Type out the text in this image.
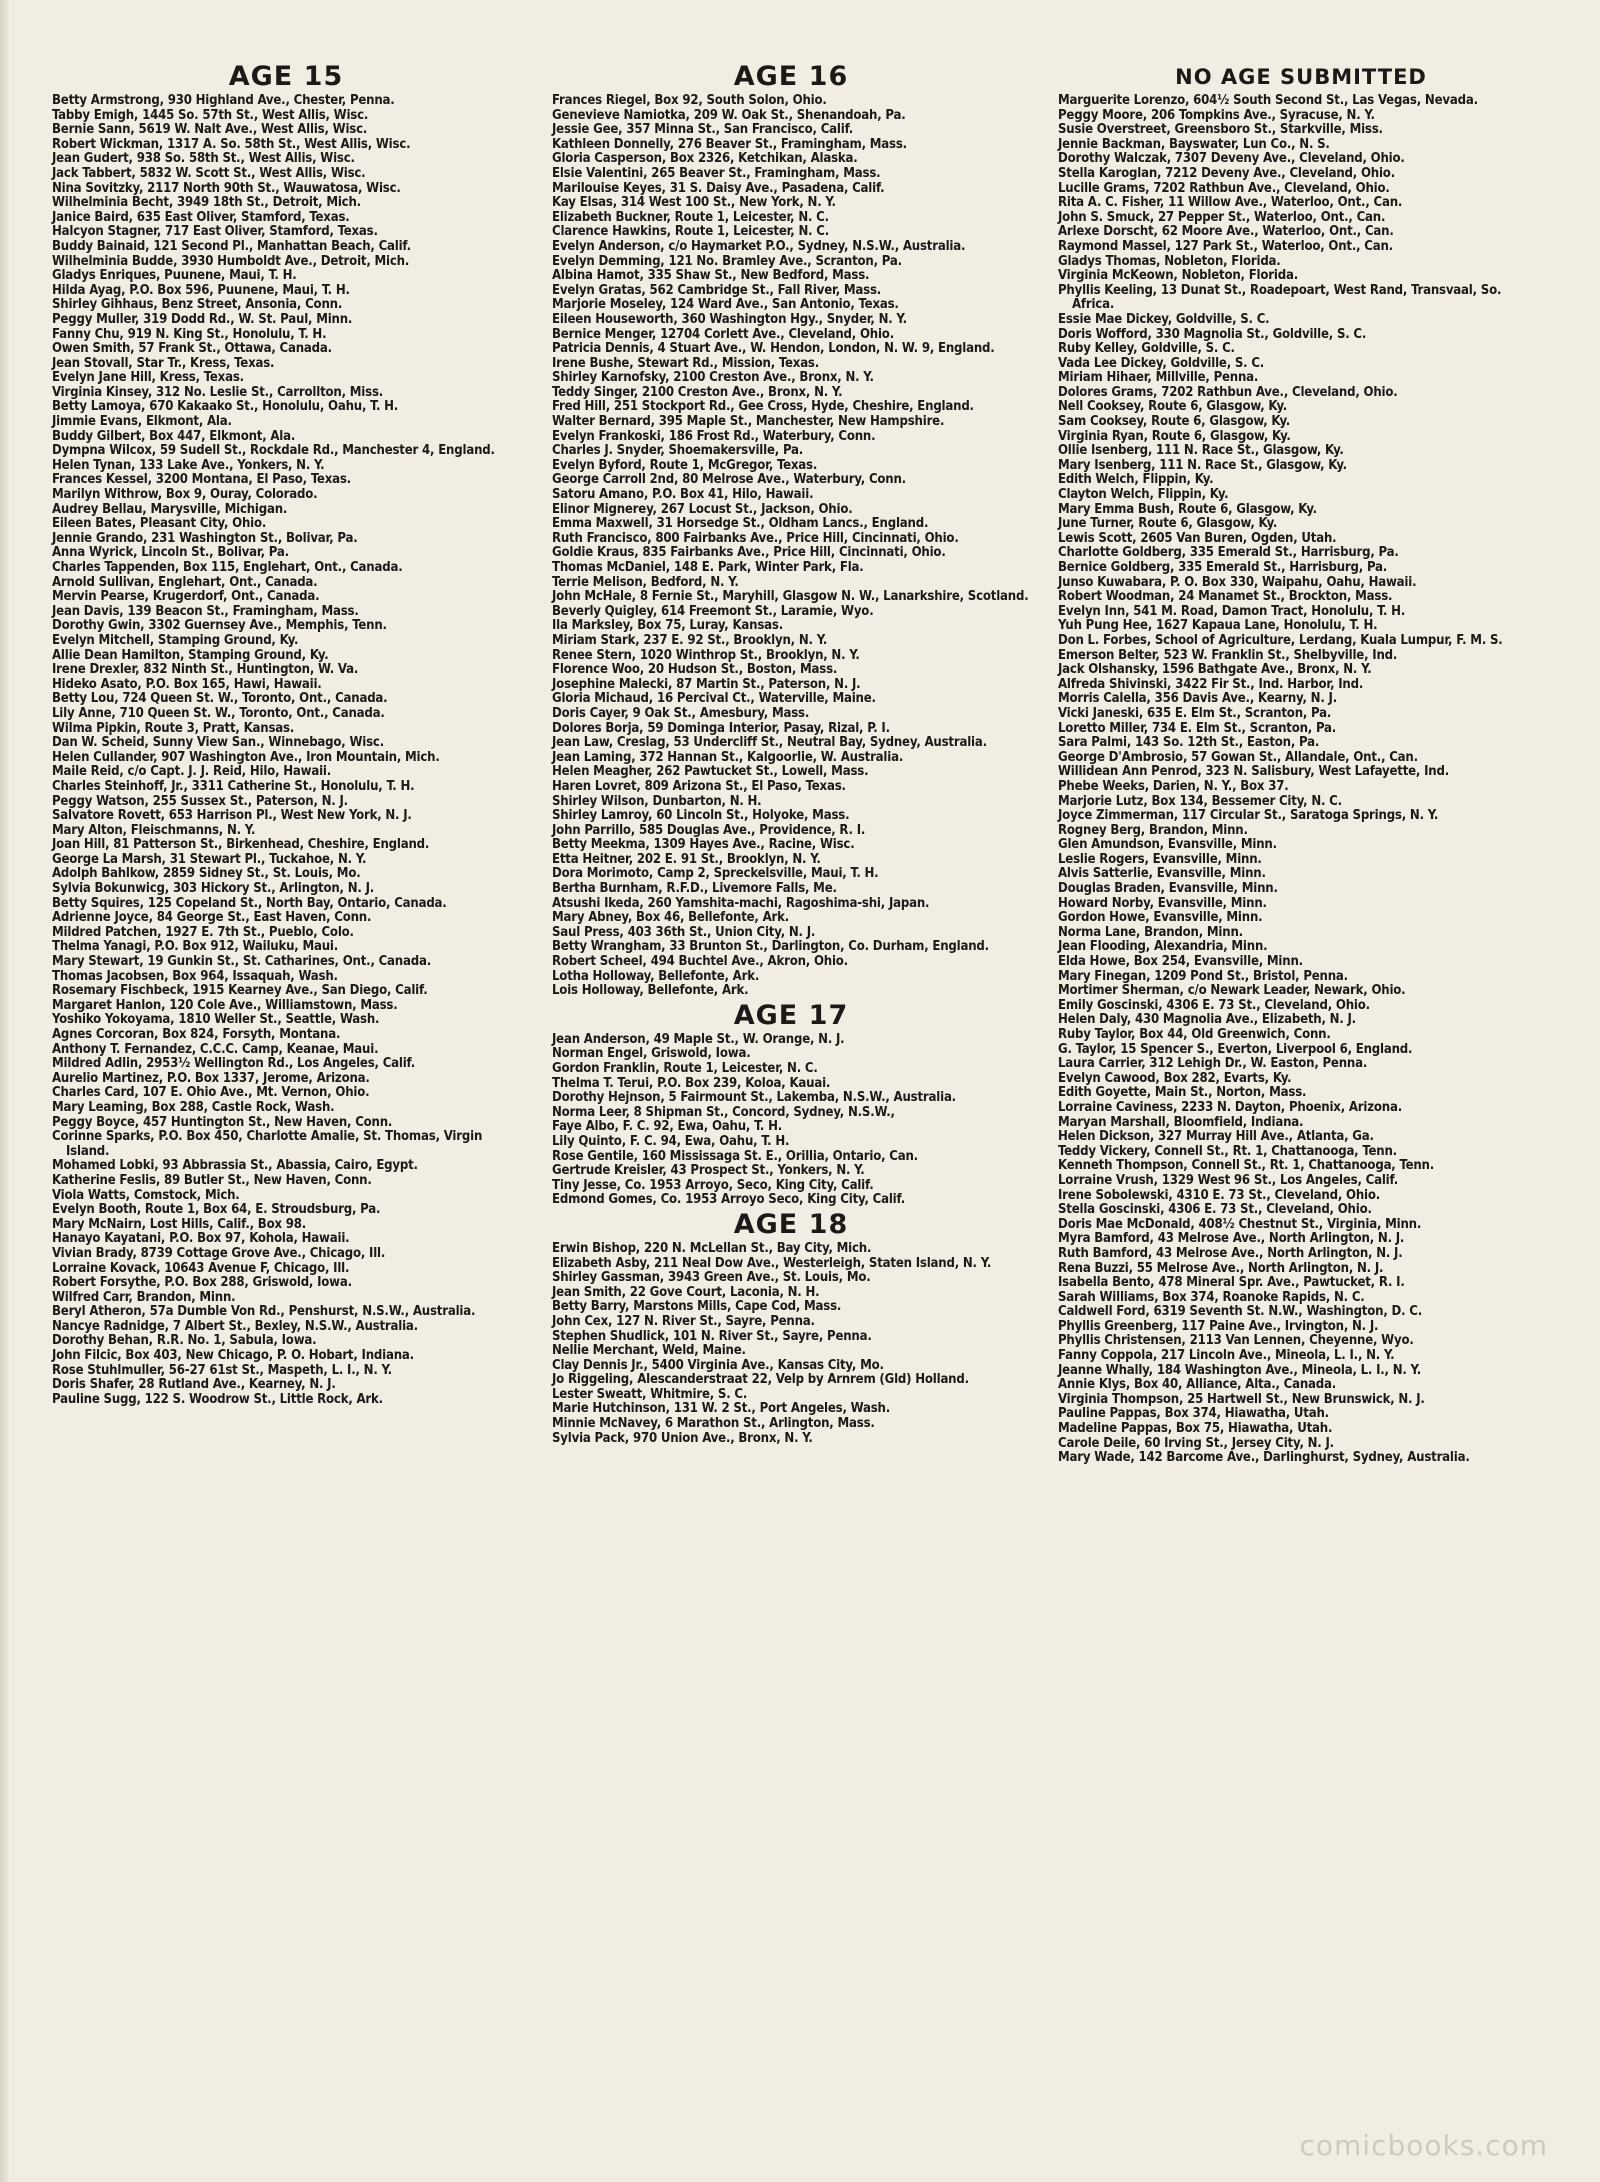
AGE 15
Betty Armstrong, 930 Highland Ave., Chester, Penna.
Tabby Emigh, 1445 So. 57th St., West Allis, Wisc.
Bernie Sann, 5619 W. Nalt Ave., West Allis, Wisc.
Robert Wickman, 1317 A. So. 58th St., West Allis, Wisc.
Jean Gudert, 938 So. 58th St., West Allis, Wisc.
Jack Tabbert, 5832 W. Scott St., West Allis, Wisc.
Nina Sovitzky, 2117 North 90th St., Wauwatosa, Wisc.
Wilhelminia Becht, 3949 18th St., Detroit, Mich.
Janice Baird, 635 East Oliver, Stamford, Texas.
Halcyon Stagner, 717 East Oliver, Stamford, Texas.
Buddy Bainaid, 121 Second Pl., Manhattan Beach, Calif.
Wilhelminia Budde, 3930 Humboldt Ave., Detroit, Mich.
Gladys Enriques, Puunene, Maui, T. H.
Hilda Ayag, P.O. Box 596, Puunene, Maui, T. H.
Shirley Gihhaus, Benz Street, Ansonia, Conn.
Peggy Muller, 319 Dodd Rd., W. St. Paul, Minn.
Fanny Chu, 919 N. King St., Honolulu, T. H.
Owen Smith, 57 Frank St., Ottawa, Canada.
Jean Stovall, Star Tr., Kress, Texas.
Evelyn Jane Hill, Kress, Texas.
Virginia Kinsey, 312 No. Leslie St., Carrollton, Miss.
Betty Lamoya, 670 Kakaako St., Honolulu, Oahu, T. H.
Jimmie Evans, Elkmont, Ala.
Buddy Gilbert, Box 447, Elkmont, Ala.
Dympna Wilcox, 59 Sudell St., Rockdale Rd., Manchester 4, England.
Helen Tynan, 133 Lake Ave., Yonkers, N. Y.
Frances Kessel, 3200 Montana, El Paso, Texas.
Marilyn Withrow, Box 9, Ouray, Colorado.
Audrey Bellau, Marysville, Michigan.
Eileen Bates, Pleasant City, Ohio.
Jennie Grando, 231 Washington St., Bolivar, Pa.
Anna Wyrick, Lincoln St., Bolivar, Pa.
Charles Tappenden, Box 115, Englehart, Ont., Canada.
Arnold Sullivan, Englehart, Ont., Canada.
Mervin Pearse, Krugerdorf, Ont., Canada.
Jean Davis, 139 Beacon St., Framingham, Mass.
Dorothy Gwin, 3302 Guernsey Ave., Memphis, Tenn.
Evelyn Mitchell, Stamping Ground, Ky.
Allie Dean Hamilton, Stamping Ground, Ky.
Irene Drexler, 832 Ninth St., Huntington, W. Va.
Hideko Asato, P.O. Box 165, Hawi, Hawaii.
Betty Lou, 724 Queen St. W., Toronto, Ont., Canada.
Lily Anne, 710 Queen St. W., Toronto, Ont., Canada.
Wilma Pipkin, Route 3, Pratt, Kansas.
Dan W. Scheid, Sunny View San., Winnebago, Wisc.
Helen Cullander, 907 Washington Ave., Iron Mountain, Mich.
Maile Reid, c/o Capt. J. J. Reid, Hilo, Hawaii.
Charles Steinhoff, Jr., 3311 Catherine St., Honolulu, T. H.
Peggy Watson, 255 Sussex St., Paterson, N. J.
Salvatore Rovett, 653 Harrison Pl., West New York, N. J.
Mary Alton, Fleischmanns, N. Y.
Joan Hill, 81 Patterson St., Birkenhead, Cheshire, England.
George La Marsh, 31 Stewart Pl., Tuckahoe, N. Y.
Adolph Bahlkow, 2859 Sidney St., St. Louis, Mo.
Sylvia Bokunwicg, 303 Hickory St., Arlington, N. J.
Betty Squires, 125 Copeland St., North Bay, Ontario, Canada.
Adrienne Joyce, 84 George St., East Haven, Conn.
Mildred Patchen, 1927 E. 7th St., Pueblo, Colo.
Thelma Yanagi, P.O. Box 912, Wailuku, Maui.
Mary Stewart, 19 Gunkin St., St. Catharines, Ont., Canada.
Thomas Jacobsen, Box 964, Issaquah, Wash.
Rosemary Fischbeck, 1915 Kearney Ave., San Diego, Calif.
Margaret Hanlon, 120 Cole Ave., Williamstown, Mass.
Yoshiko Yokoyama, 1810 Weller St., Seattle, Wash.
Agnes Corcoran, Box 824, Forsyth, Montana.
Anthony T. Fernandez, C.C.C. Camp, Keanae, Maui.
Mildred Adlin, 2953½ Wellington Rd., Los Angeles, Calif.
Aurelio Martinez, P.O. Box 1337, Jerome, Arizona.
Charles Card, 107 E. Ohio Ave., Mt. Vernon, Ohio.
Mary Leaming, Box 288, Castle Rock, Wash.
Peggy Boyce, 457 Huntington St., New Haven, Conn.
Corinne Sparks, P.O. Box 450, Charlotte Amalie, St. Thomas, Virgin Island.
Mohamed Lobki, 93 Abbrassia St., Abassia, Cairo, Egypt.
Katherine Feslis, 89 Butler St., New Haven, Conn.
Viola Watts, Comstock, Mich.
Evelyn Booth, Route 1, Box 64, E. Stroudsburg, Pa.
Mary McNairn, Lost Hills, Calif., Box 98.
Hanayo Kayatani, P.O. Box 97, Kohola, Hawaii.
Vivian Brady, 8739 Cottage Grove Ave., Chicago, Ill.
Lorraine Kovack, 10643 Avenue F, Chicago, Ill.
Robert Forsythe, P.O. Box 288, Griswold, Iowa.
Wilfred Carr, Brandon, Minn.
Beryl Atheron, 57a Dumble Von Rd., Penshurst, N.S.W., Australia.
Nancye Radnidge, 7 Albert St., Bexley, N.S.W., Australia.
Dorothy Behan, R.R. No. 1, Sabula, Iowa.
John Filcic, Box 403, New Chicago, P. O. Hobart, Indiana.
Rose Stuhlmuller, 56-27 61st St., Maspeth, L. I., N. Y.
Doris Shafer, 28 Rutland Ave., Kearney, N. J.
Pauline Sugg, 122 S. Woodrow St., Little Rock, Ark.
AGE 16
Frances Riegel, Box 92, South Solon, Ohio.
Genevieve Namiotka, 209 W. Oak St., Shenandoah, Pa.
Jessie Gee, 357 Minna St., San Francisco, Calif.
Kathleen Donnelly, 276 Beaver St., Framingham, Mass.
Gloria Casperson, Box 2326, Ketchikan, Alaska.
Elsie Valentini, 265 Beaver St., Framingham, Mass.
Marilouise Keyes, 31 S. Daisy Ave., Pasadena, Calif.
Kay Elsas, 314 West 100 St., New York, N. Y.
Elizabeth Buckner, Route 1, Leicester, N. C.
Clarence Hawkins, Route 1, Leicester, N. C.
Evelyn Anderson, c/o Haymarket P.O., Sydney, N.S.W., Australia.
Evelyn Demming, 121 No. Bramley Ave., Scranton, Pa.
Albina Hamot, 335 Shaw St., New Bedford, Mass.
Evelyn Gratas, 562 Cambridge St., Fall River, Mass.
Marjorie Moseley, 124 Ward Ave., San Antonio, Texas.
Eileen Houseworth, 360 Washington Hgy., Snyder, N. Y.
Bernice Menger, 12704 Corlett Ave., Cleveland, Ohio.
Patricia Dennis, 4 Stuart Ave., W. Hendon, London, N. W. 9, England.
Irene Bushe, Stewart Rd., Mission, Texas.
Shirley Karnofsky, 2100 Creston Ave., Bronx, N. Y.
Teddy Singer, 2100 Creston Ave., Bronx, N. Y.
Fred Hill, 251 Stockport Rd., Gee Cross, Hyde, Cheshire, England.
Walter Bernard, 395 Maple St., Manchester, New Hampshire.
Evelyn Frankoski, 186 Frost Rd., Waterbury, Conn.
Charles J. Snyder, Shoemakersville, Pa.
Evelyn Byford, Route 1, McGregor, Texas.
George Carroll 2nd, 80 Melrose Ave., Waterbury, Conn.
Satoru Amano, P.O. Box 41, Hilo, Hawaii.
Elinor Mignerey, 267 Locust St., Jackson, Ohio.
Emma Maxwell, 31 Horsedge St., Oldham Lancs., England.
Ruth Francisco, 800 Fairbanks Ave., Price Hill, Cincinnati, Ohio.
Goldie Kraus, 835 Fairbanks Ave., Price Hill, Cincinnati, Ohio.
Thomas McDaniel, 148 E. Park, Winter Park, Fla.
Terrie Melison, Bedford, N. Y.
John McHale, 8 Fernie St., Maryhill, Glasgow N. W., Lanarkshire, Scotland.
Beverly Quigley, 614 Freemont St., Laramie, Wyo.
Ila Marksley, Box 75, Luray, Kansas.
Miriam Stark, 237 E. 92 St., Brooklyn, N. Y.
Renee Stern, 1020 Winthrop St., Brooklyn, N. Y.
Florence Woo, 20 Hudson St., Boston, Mass.
Josephine Malecki, 87 Martin St., Paterson, N. J.
Gloria Michaud, 16 Percival Ct., Waterville, Maine.
Doris Cayer, 9 Oak St., Amesbury, Mass.
Dolores Borja, 59 Dominga Interior, Pasay, Rizal, P. I.
Jean Law, Creslag, 53 Undercliff St., Neutral Bay, Sydney, Australia.
Jean Laming, 372 Hannan St., Kalgoorlie, W. Australia.
Helen Meagher, 262 Pawtucket St., Lowell, Mass.
Haren Lovret, 809 Arizona St., El Paso, Texas.
Shirley Wilson, Dunbarton, N. H.
Shirley Lamroy, 60 Lincoln St., Holyoke, Mass.
John Parrillo, 585 Douglas Ave., Providence, R. I.
Betty Meekma, 1309 Hayes Ave., Racine, Wisc.
Etta Heitner, 202 E. 91 St., Brooklyn, N. Y.
Dora Morimoto, Camp 2, Spreckelsville, Maui, T. H.
Bertha Burnham, R.F.D., Livemore Falls, Me.
Atsushi Ikeda, 260 Yamshita-machi, Ragoshima-shi, Japan.
Mary Abney, Box 46, Bellefonte, Ark.
Saul Press, 403 36th St., Union City, N. J.
Betty Wrangham, 33 Brunton St., Darlington, Co. Durham, England.
Robert Scheel, 494 Buchtel Ave., Akron, Ohio.
Lotha Holloway, Bellefonte, Ark.
Lois Holloway, Bellefonte, Ark.
AGE 17
Jean Anderson, 49 Maple St., W. Orange, N. J.
Norman Engel, Griswold, Iowa.
Gordon Franklin, Route 1, Leicester, N. C.
Thelma T. Terui, P.O. Box 239, Koloa, Kauai.
Dorothy Hejnson, 5 Fairmount St., Lakemba, N.S.W., Australia.
Norma Leer, 8 Shipman St., Concord, Sydney, N.S.W.,
Faye Albo, F. C. 92, Ewa, Oahu, T. H.
Lily Quinto, F. C. 94, Ewa, Oahu, T. H.
Rose Gentile, 160 Mississaga St. E., Orillia, Ontario, Can.
Gertrude Kreisler, 43 Prospect St., Yonkers, N. Y.
Tiny Jesse, Co. 1953 Arroyo, Seco, King City, Calif.
Edmond Gomes, Co. 1953 Arroyo Seco, King City, Calif.
AGE 18
Erwin Bishop, 220 N. McLellan St., Bay City, Mich.
Elizabeth Asby, 211 Neal Dow Ave., Westerleigh, Staten Island, N. Y.
Shirley Gassman, 3943 Green Ave., St. Louis, Mo.
Jean Smith, 22 Gove Court, Laconia, N. H.
Betty Barry, Marstons Mills, Cape Cod, Mass.
John Cex, 127 N. River St., Sayre, Penna.
Stephen Shudlick, 101 N. River St., Sayre, Penna.
Nellie Merchant, Weld, Maine.
Clay Dennis Jr., 5400 Virginia Ave., Kansas City, Mo.
Jo Riggeling, Alescanderstraat 22, Velp by Arnrem (Gld) Holland.
Lester Sweatt, Whitmire, S. C.
Marie Hutchinson, 131 W. 2 St., Port Angeles, Wash.
Minnie McNavey, 6 Marathon St., Arlington, Mass.
Sylvia Pack, 970 Union Ave., Bronx, N. Y.
NO AGE SUBMITTED
Marguerite Lorenzo, 604½ South Second St., Las Vegas, Nevada.
Peggy Moore, 206 Tompkins Ave., Syracuse, N. Y.
Susie Overstreet, Greensboro St., Starkville, Miss.
Jennie Backman, Bayswater, Lun Co., N. S.
Dorothy Walczak, 7307 Deveny Ave., Cleveland, Ohio.
Stella Karoglan, 7212 Deveny Ave., Cleveland, Ohio.
Lucille Grams, 7202 Rathbun Ave., Cleveland, Ohio.
Rita A. C. Fisher, 11 Willow Ave., Waterloo, Ont., Can.
John S. Smuck, 27 Pepper St., Waterloo, Ont., Can.
Arlexe Dorscht, 62 Moore Ave., Waterloo, Ont., Can.
Raymond Massel, 127 Park St., Waterloo, Ont., Can.
Gladys Thomas, Nobleton, Florida.
Virginia McKeown, Nobleton, Florida.
Phyllis Keeling, 13 Dunat St., Roadepoart, West Rand, Transvaal, So. Africa.
Essie Mae Dickey, Goldville, S. C.
Doris Wofford, 330 Magnolia St., Goldville, S. C.
Ruby Kelley, Goldville, S. C.
Vada Lee Dickey, Goldville, S. C.
Miriam Hihaer, Millville, Penna.
Dolores Grams, 7202 Rathbun Ave., Cleveland, Ohio.
Nell Cooksey, Route 6, Glasgow, Ky.
Sam Cooksey, Route 6, Glasgow, Ky.
Virginia Ryan, Route 6, Glasgow, Ky.
Ollie Isenberg, 111 N. Race St., Glasgow, Ky.
Mary Isenberg, 111 N. Race St., Glasgow, Ky.
Edith Welch, Flippin, Ky.
Clayton Welch, Flippin, Ky.
Mary Emma Bush, Route 6, Glasgow, Ky.
June Turner, Route 6, Glasgow, Ky.
Lewis Scott, 2605 Van Buren, Ogden, Utah.
Charlotte Goldberg, 335 Emerald St., Harrisburg, Pa.
Bernice Goldberg, 335 Emerald St., Harrisburg, Pa.
Junso Kuwabara, P. O. Box 330, Waipahu, Oahu, Hawaii.
Robert Woodman, 24 Manamet St., Brockton, Mass.
Evelyn Inn, 541 M. Road, Damon Tract, Honolulu, T. H.
Yuh Pung Hee, 1627 Kapaua Lane, Honolulu, T. H.
Don L. Forbes, School of Agriculture, Lerdang, Kuala Lumpur, F. M. S.
Emerson Belter, 523 W. Franklin St., Shelbyville, Ind.
Jack Olshansky, 1596 Bathgate Ave., Bronx, N. Y.
Alfreda Shivinski, 3422 Fir St., Ind. Harbor, Ind.
Morris Calella, 356 Davis Ave., Kearny, N. J.
Vicki Janeski, 635 E. Elm St., Scranton, Pa.
Loretto Miller, 734 E. Elm St., Scranton, Pa.
Sara Palmi, 143 So. 12th St., Easton, Pa.
George D'Ambrosio, 57 Gowan St., Allandale, Ont., Can.
Willidean Ann Penrod, 323 N. Salisbury, West Lafayette, Ind.
Phebe Weeks, Darien, N. Y., Box 37.
Marjorie Lutz, Box 134, Bessemer City, N. C.
Joyce Zimmerman, 117 Circular St., Saratoga Springs, N. Y.
Rogney Berg, Brandon, Minn.
Glen Amundson, Evansville, Minn.
Leslie Rogers, Evansville, Minn.
Alvis Satterlie, Evansville, Minn.
Douglas Braden, Evansville, Minn.
Howard Norby, Evansville, Minn.
Gordon Howe, Evansville, Minn.
Norma Lane, Brandon, Minn.
Jean Flooding, Alexandria, Minn.
Elda Howe, Box 254, Evansville, Minn.
Mary Finegan, 1209 Pond St., Bristol, Penna.
Mortimer Sherman, c/o Newark Leader, Newark, Ohio.
Emily Goscinski, 4306 E. 73 St., Cleveland, Ohio.
Helen Daly, 430 Magnolia Ave., Elizabeth, N. J.
Ruby Taylor, Box 44, Old Greenwich, Conn.
G. Taylor, 15 Spencer S., Everton, Liverpool 6, England.
Laura Carrier, 312 Lehigh Dr., W. Easton, Penna.
Evelyn Cawood, Box 282, Evarts, Ky.
Edith Goyette, Main St., Norton, Mass.
Lorraine Caviness, 2233 N. Dayton, Phoenix, Arizona.
Maryan Marshall, Bloomfield, Indiana.
Helen Dickson, 327 Murray Hill Ave., Atlanta, Ga.
Teddy Vickery, Connell St., Rt. 1, Chattanooga, Tenn.
Kenneth Thompson, Connell St., Rt. 1, Chattanooga, Tenn.
Lorraine Vrush, 1329 West 96 St., Los Angeles, Calif.
Irene Sobolewski, 4310 E. 73 St., Cleveland, Ohio.
Stella Goscinski, 4306 E. 73 St., Cleveland, Ohio.
Doris Mae McDonald, 408½ Chestnut St., Virginia, Minn.
Myra Bamford, 43 Melrose Ave., North Arlington, N. J.
Ruth Bamford, 43 Melrose Ave., North Arlington, N. J.
Rena Buzzi, 55 Melrose Ave., North Arlington, N. J.
Isabella Bento, 478 Mineral Spr. Ave., Pawtucket, R. I.
Sarah Williams, Box 374, Roanoke Rapids, N. C.
Caldwell Ford, 6319 Seventh St. N.W., Washington, D. C.
Phyllis Greenberg, 117 Paine Ave., Irvington, N. J.
Phyllis Christensen, 2113 Van Lennen, Cheyenne, Wyo.
Fanny Coppola, 217 Lincoln Ave., Mineola, L. I., N. Y.
Jeanne Whally, 184 Washington Ave., Mineola, L. I., N. Y.
Annie Klys, Box 40, Alliance, Alta., Canada.
Virginia Thompson, 25 Hartwell St., New Brunswick, N. J.
Pauline Pappas, Box 374, Hiawatha, Utah.
Madeline Pappas, Box 75, Hiawatha, Utah.
Carole Deile, 60 Irving St., Jersey City, N. J.
Mary Wade, 142 Barcome Ave., Darlinghurst, Sydney, Australia.
comicbooks.com
